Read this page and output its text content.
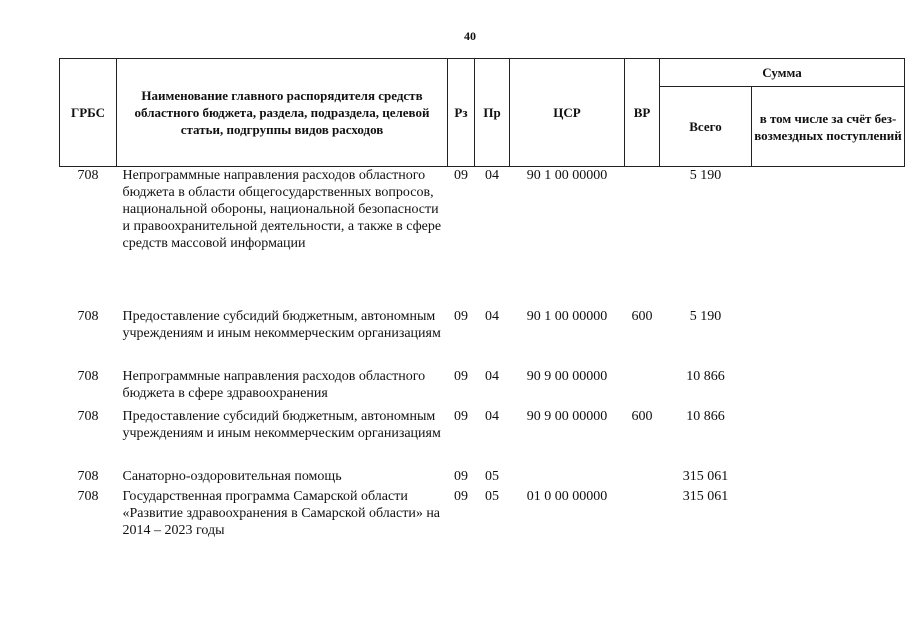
40
ГРБС	Наименование главного распорядителя средств областного бюджета, раздела, подраздела, целевой статьи, подгруппы видов расходов	Рз	Пр	ЦСР	ВР	Сумма	
						Всего	в том числе за счёт без-возмездных поступлений
708	Непрограммные направления расходов областного бюджета в области общегосударственных вопросов, национальной обороны, национальной безопасности и правоохранительной деятельности, а также в сфере средств массовой информации	09	04	90 1 00 00000		5 190	
708	Предоставление субсидий бюджетным, автономным учреждениям и иным некоммерческим организациям	09	04	90 1 00 00000	600	5 190	
708	Непрограммные направления расходов областного бюджета в сфере здравоохранения	09	04	90 9 00 00000		10 866	
708	Предоставление субсидий бюджетным, автономным учреждениям и иным некоммерческим организациям	09	04	90 9 00 00000	600	10 866	
708	Санаторно-оздоровительная помощь	09	05			315 061	
708	Государственная программа Самарской области «Развитие здравоохранения в Самарской области» на 2014 – 2023 годы	09	05	01 0 00 00000		315 061	
